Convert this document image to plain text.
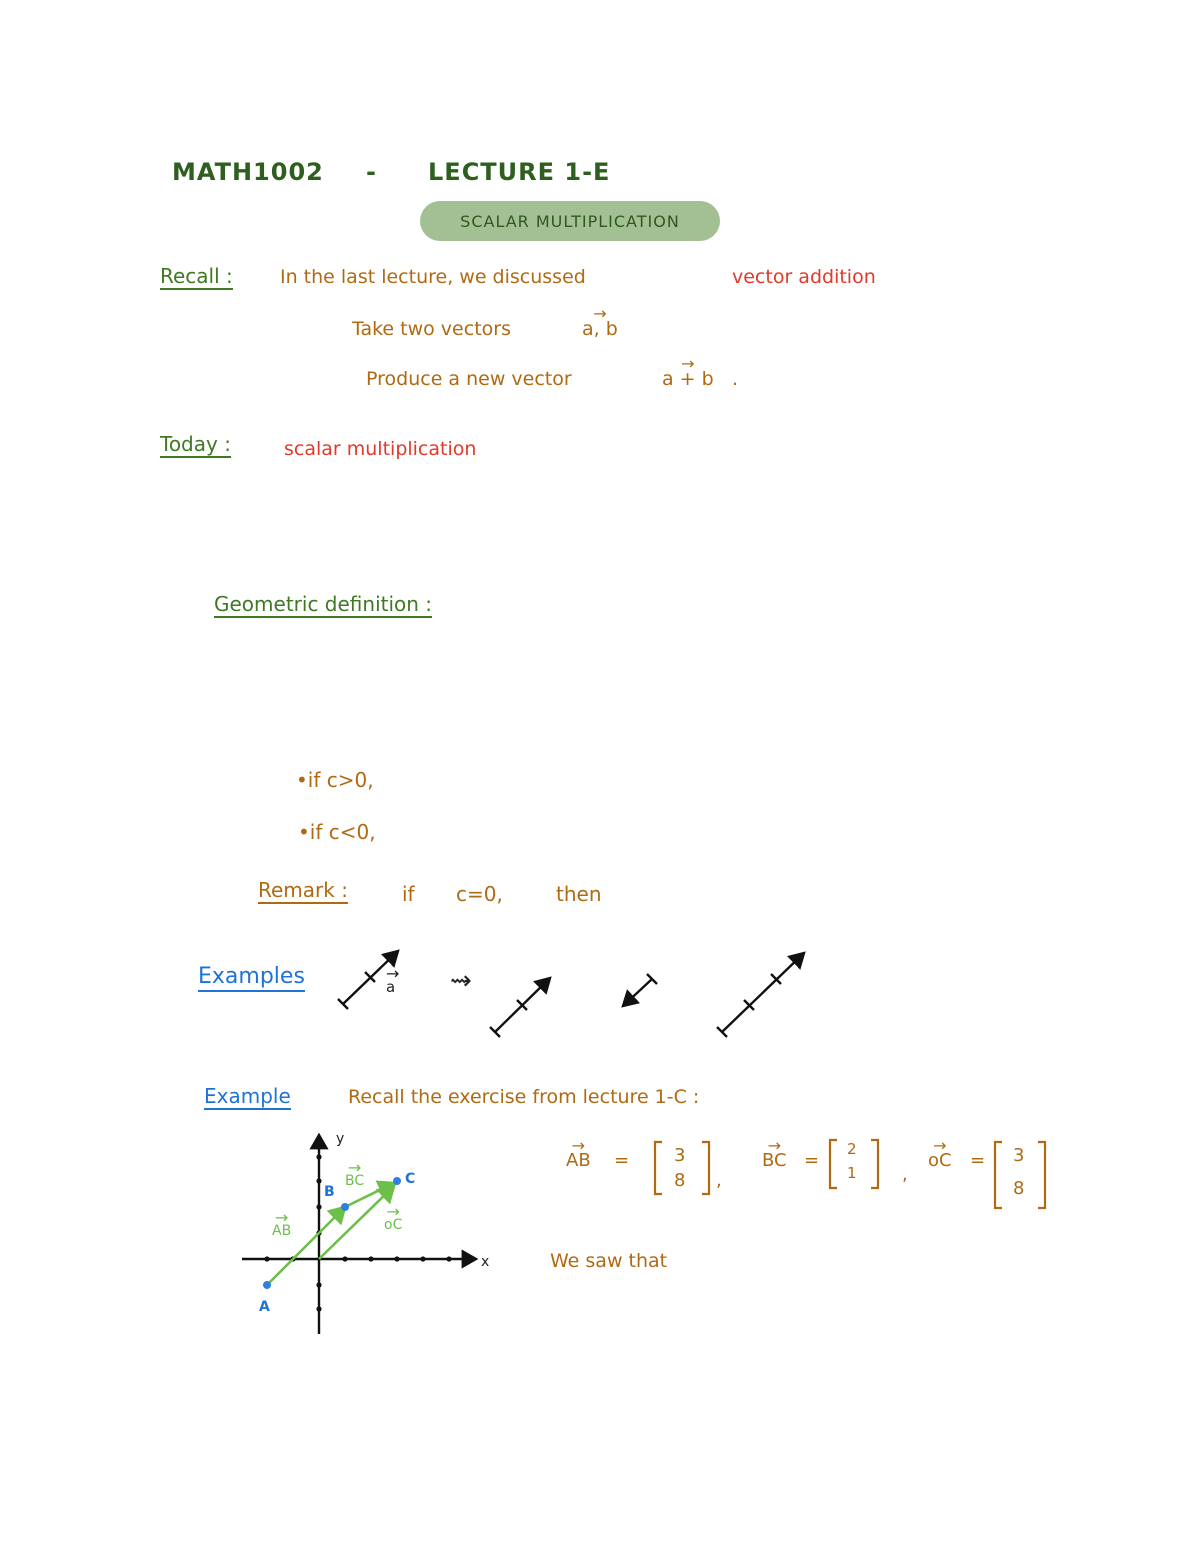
MATH1002 - LECTURE 1-E
SCALAR MULTIPLICATION
Recall : In the last lecture, we discussed	vector addition
Take two vectors	→ a, b
Produce a new vector	→ a + b .
Today :	scalar multiplication
Geometric definition :
•if c>0,
•if c<0,
Remark :	if c=0,	then
Examples	→ a ⇝
Example	Recall the exercise from lecture 1-C :
x
y
A
B
C
→ AB
→ BC
→ oC
→ AB = 3
8 ,
→ BC =
2
1	,
→ oC = 3
8
We saw that
